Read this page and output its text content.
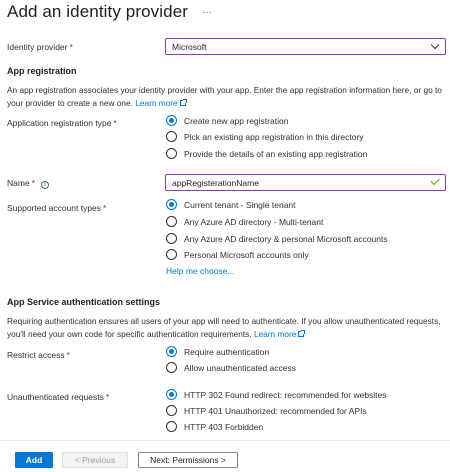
Add an identity provider ···
Identity provider *	Microsoft
App registration
An app registration associates your identity provider with your app. Enter the app registration information here, or go to your provider to create a new one. Learn more
Application registration type *	Create new app registration
Pick an existing app registration in this directory
Provide the details of an existing app registration
Name * i	appRegisterationName
Supported account types *	Current tenant - Single tenant
Any Azure AD directory - Multi-tenant
Any Azure AD directory & personal Microsoft accounts
Personal Microsoft accounts only
Help me choose...
App Service authentication settings
Requiring authentication ensures all users of your app will need to authenticate. If you allow unauthenticated requests, you'll need your own code for specific authentication requirements. Learn more
Restrict access *	Require authentication
Allow unauthenticated access
Unauthenticated requests *	HTTP 302 Found redirect: recommended for websites
HTTP 401 Unauthorized: recommended for APIs
HTTP 403 Forbidden
Add	< Previous	Next: Permissions >
